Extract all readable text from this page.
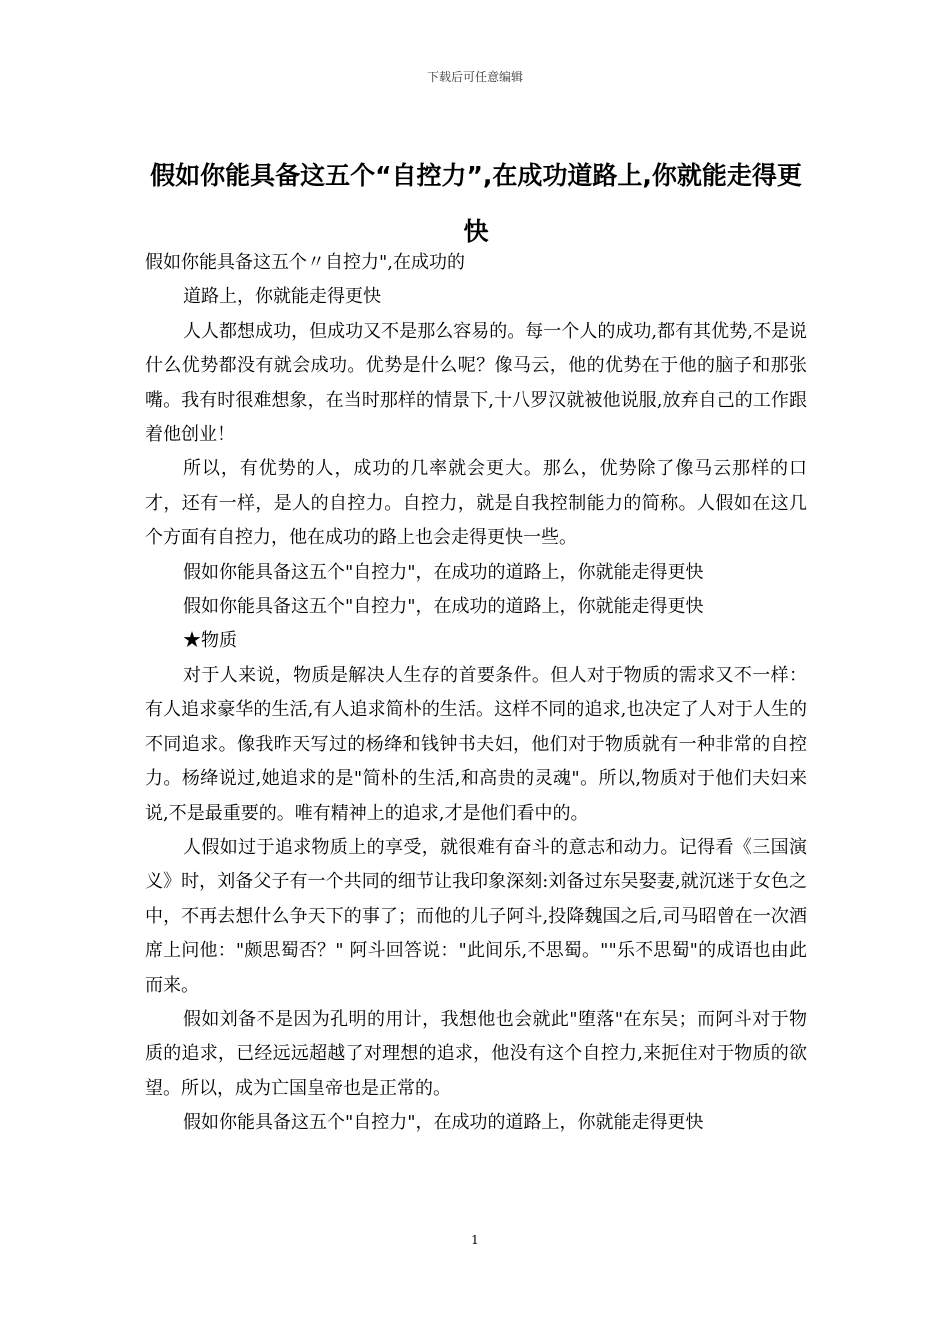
下载后可任意编辑
假如你能具备这五个“自控力”,在成功道路上,你就能走得更快

假如你能具备这五个〃自控力",在成功的

道路上，你就能走得更快

人人都想成功，但成功又不是那么容易的。每一个人的成功,都有其优势,不是说什么优势都没有就会成功。优势是什么呢？像马云，他的优势在于他的脑子和那张嘴。我有时很难想象，在当时那样的情景下,十八罗汉就被他说服,放弃自己的工作跟着他创业！

所以，有优势的人，成功的几率就会更大。那么，优势除了像马云那样的口才，还有一样，是人的自控力。自控力，就是自我控制能力的简称。人假如在这几个方面有自控力，他在成功的路上也会走得更快一些。

假如你能具备这五个"自控力"，在成功的道路上，你就能走得更快

假如你能具备这五个"自控力"，在成功的道路上，你就能走得更快

★物质

对于人来说，物质是解决人生存的首要条件。但人对于物质的需求又不一样：有人追求豪华的生活,有人追求简朴的生活。这样不同的追求,也决定了人对于人生的不同追求。像我昨天写过的杨绛和钱钟书夫妇，他们对于物质就有一种非常的自控力。杨绛说过,她追求的是"简朴的生活,和高贵的灵魂"。所以,物质对于他们夫妇来说,不是最重要的。唯有精神上的追求,才是他们看中的。

人假如过于追求物质上的享受，就很难有奋斗的意志和动力。记得看《三国演义》时，刘备父子有一个共同的细节让我印象深刻:刘备过东吴娶妻,就沉迷于女色之中，不再去想什么争天下的事了；而他的儿子阿斗,投降魏国之后,司马昭曾在一次酒席上问他："颇思蜀否？" 阿斗回答说："此间乐,不思蜀。""乐不思蜀"的成语也由此而来。

假如刘备不是因为孔明的用计，我想他也会就此"堕落"在东吴；而阿斗对于物质的追求，已经远远超越了对理想的追求，他没有这个自控力,来扼住对于物质的欲望。所以，成为亡国皇帝也是正常的。

假如你能具备这五个"自控力"，在成功的道路上，你就能走得更快

1
